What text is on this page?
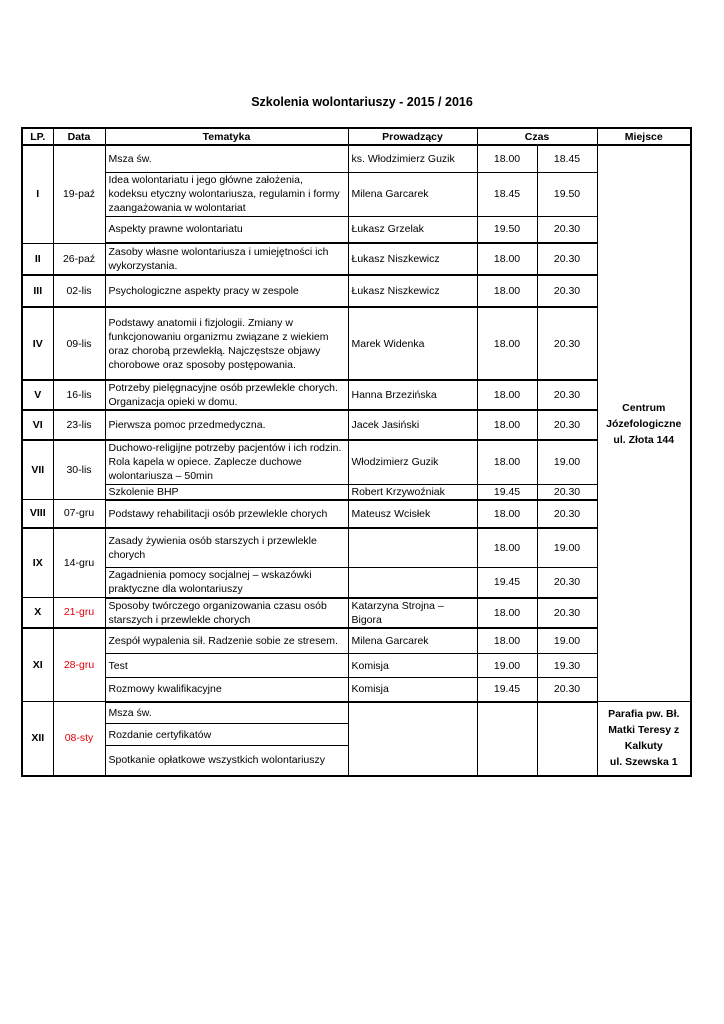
Szkolenia wolontariuszy - 2015 / 2016
LP.	Data	Tematyka	Prowadzący	Czas		Miejsce
I	19-paź	Msza św.	ks. Włodzimierz Guzik	18.00	18.45	Centrum
Józefologiczne
ul. Złota 144

		Idea wolontariatu i jego główne założenia, kodeksu etyczny wolontariusza, regulamin i formy zaangażowania w wolontariat	Milena Garcarek	18.45	19.50	
		Aspekty prawne wolontariatu	Łukasz Grzelak	19.50	20.30	
II	26-paź	Zasoby własne wolontariusza i umiejętności ich wykorzystania.	Łukasz Niszkewicz	18.00	20.30	
III	02-lis	Psychologiczne aspekty pracy w zespole	Łukasz Niszkewicz	18.00	20.30	
IV	09-lis	Podstawy anatomii i fizjologii. Zmiany w funkcjonowaniu organizmu związane z wiekiem oraz chorobą przewlekłą. Najczęstsze objawy chorobowe oraz sposoby postępowania.	Marek Widenka	18.00	20.30	
V	16-lis	Potrzeby pielęgnacyjne osób przewlekle chorych. Organizacja opieki w domu.	Hanna Brzezińska	18.00	20.30	
VI	23-lis	Pierwsza pomoc przedmedyczna.	Jacek Jasiński	18.00	20.30	
VII	30-lis	Duchowo-religijne potrzeby pacjentów i ich rodzin. Rola kapela w opiece. Zaplecze duchowe wolontariusza – 50min	Włodzimierz Guzik	18.00	19.00	
		Szkolenie BHP	Robert Krzywoźniak	19.45	20.30	
VIII	07-gru	Podstawy rehabilitacji osób przewlekle chorych	Mateusz Wcisłek	18.00	20.30	
IX	14-gru	Zasady żywienia osób starszych i przewlekle chorych		18.00	19.00	

		Zagadnienia pomocy socjalnej – wskazówki praktyczne dla wolontariuszy		19.45	20.30	
X	21-gru	Sposoby twórczego organizowania czasu osób starszych i przewlekle chorych	Katarzyna Strojna – Bigora	18.00	20.30	
XI	28-gru	Zespół wypalenia sił. Radzenie sobie ze stresem.	Milena Garcarek	18.00	19.00	
		Test	Komisja	19.00	19.30	
		Rozmowy kwalifikacyjne	Komisja	19.45	20.30	
XII	08-sty	Msza św.				Parafia pw. Bł.
Matki Teresy z
Kalkuty
ul. Szewska 1

		Rozdanie certyfikatów				
		Spotkanie opłatkowe wszystkich wolontariuszy				
